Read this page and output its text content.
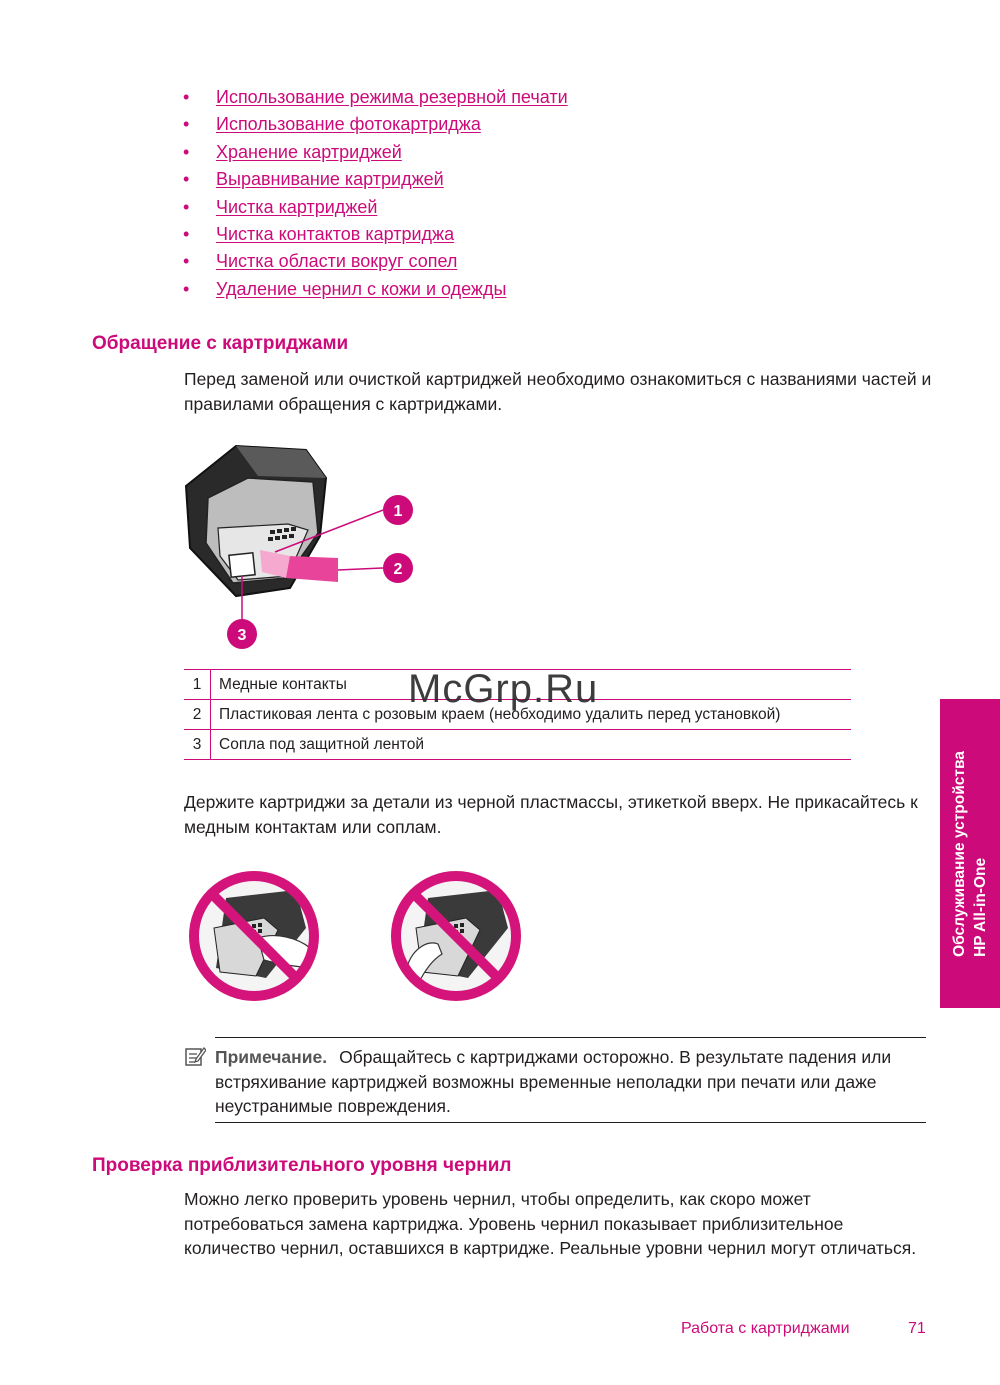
• Использование режима резервной печати
• Использование фотокартриджа
• Хранение картриджей
• Выравнивание картриджей
• Чистка картриджей
• Чистка контактов картриджа
• Чистка области вокруг сопел
• Удаление чернил с кожи и одежды
Обращение с картриджами

Перед заменой или очисткой картриджей необходимо ознакомиться с названиями частей и правилами обращения с картриджами.

1
2
3
1	Медные контакты
2	Пластиковая лента с розовым краем (необходимо удалить перед установкой)
3	Сопла под защитной лентой
McGrp.Ru

Держите картриджи за детали из черной пластмассы, этикеткой вверх. Не прикасайтесь к медным контактам или соплам.

Примечание. Обращайтесь с картриджами осторожно. В результате падения или встряхивание картриджей возможны временные неполадки при печати или даже неустранимые повреждения.
Проверка приблизительного уровня чернил

Можно легко проверить уровень чернил, чтобы определить, как скоро может потребоваться замена картриджа. Уровень чернил показывает приблизительное количество чернил, оставшихся в картридже. Реальные уровни чернил могут отличаться.

Обслуживание устройства HP All-in-One
Работа с картриджами	71
